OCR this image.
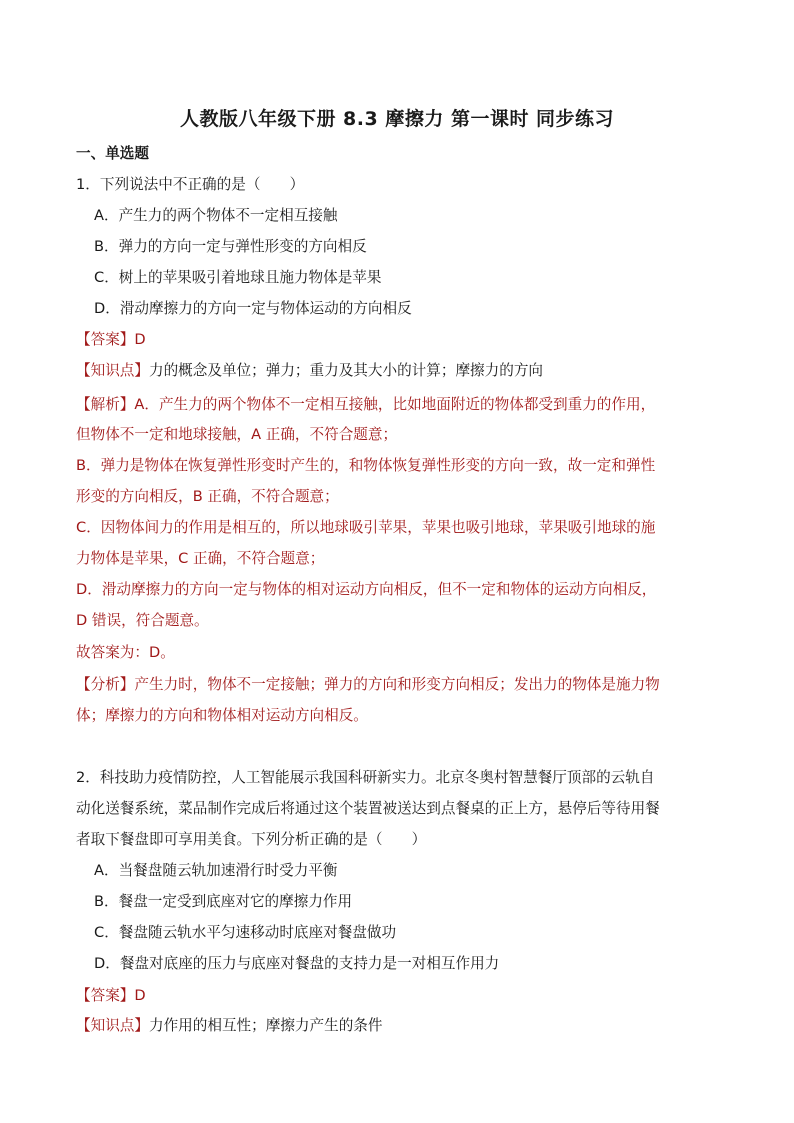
人教版八年级下册 8.3 摩擦力 第一课时 同步练习
一、单选题
1．下列说法中不正确的是（　　）
A．产生力的两个物体不一定相互接触
B．弹力的方向一定与弹性形变的方向相反
C．树上的苹果吸引着地球且施力物体是苹果
D．滑动摩擦力的方向一定与物体运动的方向相反
【答案】D
【知识点】力的概念及单位；弹力；重力及其大小的计算；摩擦力的方向
【解析】A．产生力的两个物体不一定相互接触，比如地面附近的物体都受到重力的作用，
但物体不一定和地球接触，A 正确，不符合题意；
B．弹力是物体在恢复弹性形变时产生的，和物体恢复弹性形变的方向一致，故一定和弹性
形变的方向相反，B 正确，不符合题意；
C．因物体间力的作用是相互的，所以地球吸引苹果，苹果也吸引地球，苹果吸引地球的施
力物体是苹果，C 正确，不符合题意；
D．滑动摩擦力的方向一定与物体的相对运动方向相反，但不一定和物体的运动方向相反，
D 错误，符合题意。
故答案为：D。
【分析】产生力时，物体不一定接触；弹力的方向和形变方向相反；发出力的物体是施力物
体；摩擦力的方向和物体相对运动方向相反。
2．科技助力疫情防控，人工智能展示我国科研新实力。北京冬奥村智慧餐厅顶部的云轨自
动化送餐系统，菜品制作完成后将通过这个装置被送达到点餐桌的正上方，悬停后等待用餐
者取下餐盘即可享用美食。下列分析正确的是（　　）
A．当餐盘随云轨加速滑行时受力平衡
B．餐盘一定受到底座对它的摩擦力作用
C．餐盘随云轨水平匀速移动时底座对餐盘做功
D．餐盘对底座的压力与底座对餐盘的支持力是一对相互作用力
【答案】D
【知识点】力作用的相互性；摩擦力产生的条件
